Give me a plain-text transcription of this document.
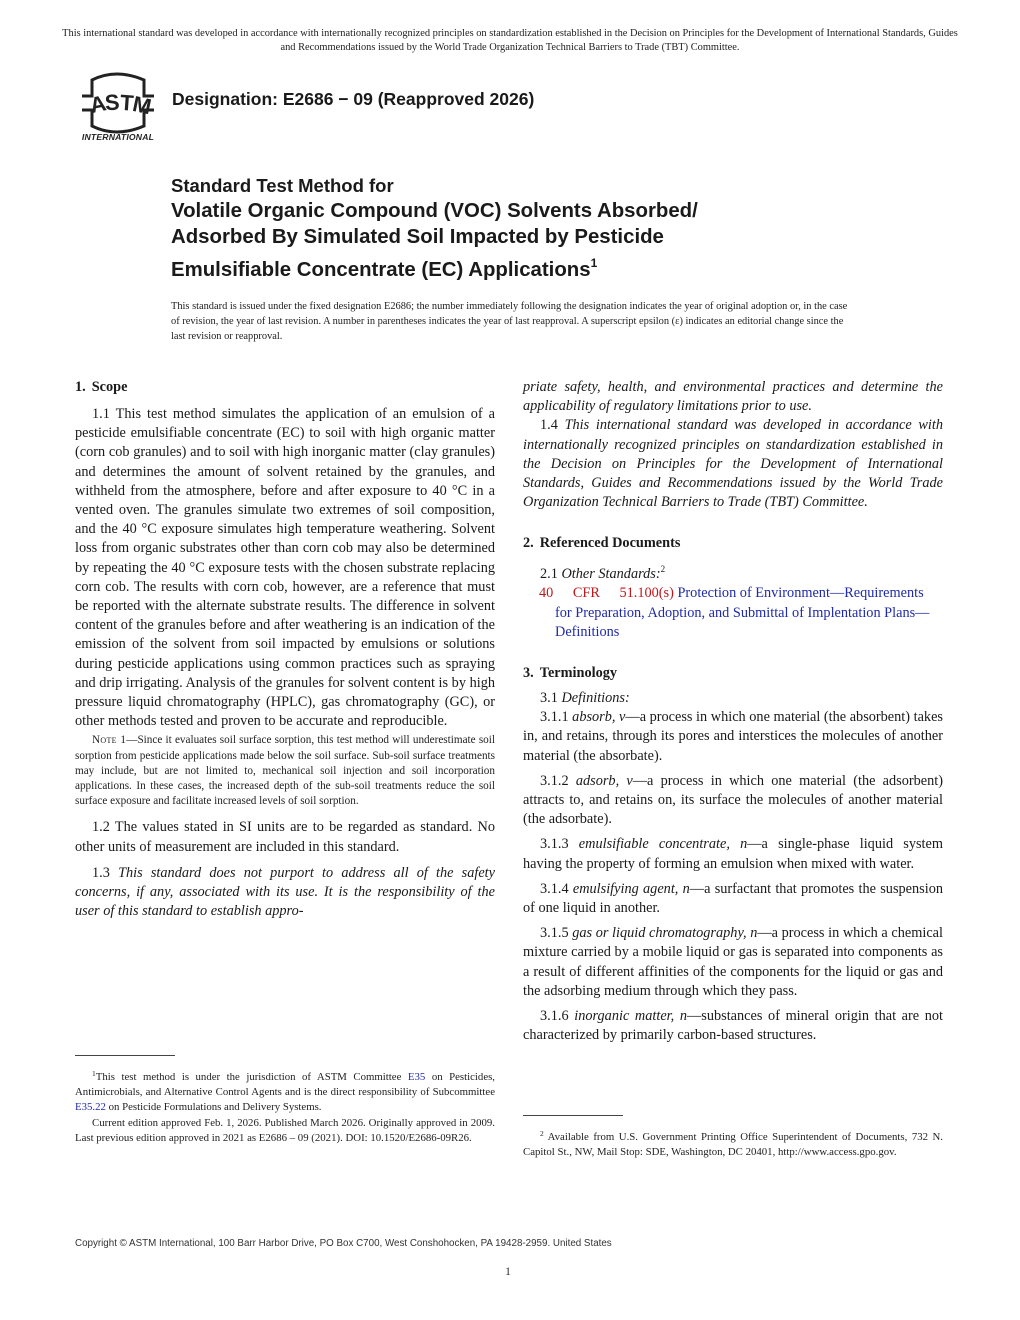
This international standard was developed in accordance with internationally recognized principles on standardization established in the Decision on Principles for the Development of International Standards, Guides and Recommendations issued by the World Trade Organization Technical Barriers to Trade (TBT) Committee.
A
S
T
M
INTERNATIONAL
Designation: E2686 − 09 (Reapproved 2026)
Standard Test Method for
Volatile Organic Compound (VOC) Solvents Absorbed/
Adsorbed By Simulated Soil Impacted by Pesticide
Emulsifiable Concentrate (EC) Applications$^1$
This standard is issued under the fixed designation E2686; the number immediately following the designation indicates the year of original adoption or, in the case of revision, the year of last revision. A number in parentheses indicates the year of last reapproval. A superscript epsilon (ε) indicates an editorial change since the last revision or reapproval.
1. Scope

1.1 This test method simulates the application of an emulsion of a pesticide emulsifiable concentrate (EC) to soil with high organic matter (corn cob granules) and to soil with high inorganic matter (clay granules) and determines the amount of solvent retained by the granules, and withheld from the atmosphere, before and after exposure to 40 °C in a vented oven. The granules simulate two extremes of soil composition, and the 40 °C exposure simulates high temperature weathering. Solvent loss from organic substrates other than corn cob may also be determined by repeating the 40 °C exposure tests with the chosen substrate replacing corn cob. The results with corn cob, however, are a reference that must be reported with the alternate substrate results. The difference in solvent content of the granules before and after weathering is an indication of the emission of the solvent from soil impacted by emulsions or solutions during pesticide applications using common practices such as spraying and drip irrigating. Analysis of the granules for solvent content is by high pressure liquid chromatography (HPLC), gas chromatography (GC), or other methods tested and proven to be accurate and reproducible.

Note 1—Since it evaluates soil surface sorption, this test method will underestimate soil sorption from pesticide applications made below the soil surface. Sub-soil surface treatments may include, but are not limited to, mechanical soil injection and soil incorporation applications. In these cases, the increased depth of the sub-soil treatments reduce the soil surface exposure and facilitate increased levels of soil sorption.

1.2 The values stated in SI units are to be regarded as standard. No other units of measurement are included in this standard.

1.3 This standard does not purport to address all of the safety concerns, if any, associated with its use. It is the responsibility of the user of this standard to establish appro-

priate safety, health, and environmental practices and determine the applicability of regulatory limitations prior to use.

1.4 This international standard was developed in accordance with internationally recognized principles on standardization established in the Decision on Principles for the Development of International Standards, Guides and Recommendations issued by the World Trade Organization Technical Barriers to Trade (TBT) Committee.

2. Referenced Documents

2.1 Other Standards:$^2$

40 CFR 51.100(s) Protection of Environment—Requirements for Preparation, Adoption, and Submittal of Implentation Plans—Definitions

3. Terminology

3.1 Definitions:

3.1.1 absorb, v—a process in which one material (the absorbent) takes in, and retains, through its pores and interstices the molecules of another material (the absorbate).

3.1.2 adsorb, v—a process in which one material (the adsorbent) attracts to, and retains on, its surface the molecules of another material (the adsorbate).

3.1.3 emulsifiable concentrate, n—a single-phase liquid system having the property of forming an emulsion when mixed with water.

3.1.4 emulsifying agent, n—a surfactant that promotes the suspension of one liquid in another.

3.1.5 gas or liquid chromatography, n—a process in which a chemical mixture carried by a mobile liquid or gas is separated into components as a result of different affinities of the components for the liquid or gas and the adsorbing medium through which they pass.

3.1.6 inorganic matter, n—substances of mineral origin that are not characterized by primarily carbon-based structures.

$^1$This test method is under the jurisdiction of ASTM Committee E35 on Pesticides, Antimicrobials, and Alternative Control Agents and is the direct responsibility of Subcommittee E35.22 on Pesticide Formulations and Delivery Systems.

Current edition approved Feb. 1, 2026. Published March 2026. Originally approved in 2009. Last previous edition approved in 2021 as E2686 – 09 (2021). DOI: 10.1520/E2686-09R26.	$^2$ Available from U.S. Government Printing Office Superintendent of Documents, 732 N. Capitol St., NW, Mail Stop: SDE, Washington, DC 20401, http://www.access.gpo.gov.

Copyright © ASTM International, 100 Barr Harbor Drive, PO Box C700, West Conshohocken, PA 19428-2959. United States
1
